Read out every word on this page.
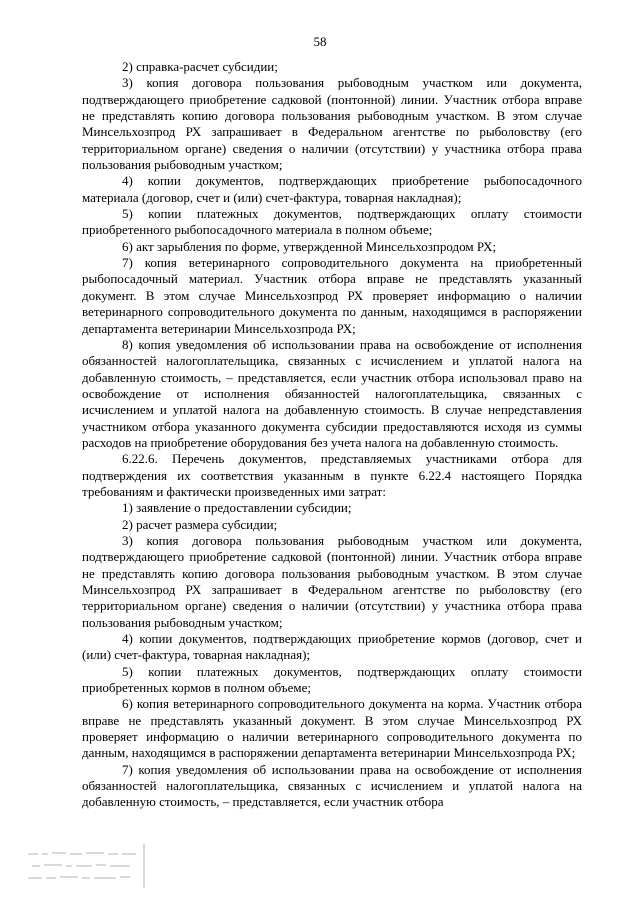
58

2) справка-расчет субсидии;

3) копия договора пользования рыбоводным участком или документа, подтверждающего приобретение садковой (понтонной) линии. Участник отбора вправе не представлять копию договора пользования рыбоводным участком. В этом случае Минсельхозпрод РХ запрашивает в Федеральном агентстве по рыболовству (его территориальном органе) сведения о наличии (отсутствии) у участника отбора права пользования рыбоводным участком;

4) копии документов, подтверждающих приобретение рыбопосадочного материала (договор, счет и (или) счет-фактура, товарная накладная);

5) копии платежных документов, подтверждающих оплату стоимости приобретенного рыбопосадочного материала в полном объеме;

6) акт зарыбления по форме, утвержденной Минсельхозпродом РХ;

7) копия ветеринарного сопроводительного документа на приобретенный рыбопосадочный материал. Участник отбора вправе не представлять указанный документ. В этом случае Минсельхозпрод РХ проверяет информацию о наличии ветеринарного сопроводительного документа по данным, находящимся в распоряжении департамента ветеринарии Минсельхозпрода РХ;

8) копия уведомления об использовании права на освобождение от исполнения обязанностей налогоплательщика, связанных с исчислением и уплатой налога на добавленную стоимость, – представляется, если участник отбора использовал право на освобождение от исполнения обязанностей налогоплательщика, связанных с исчислением и уплатой налога на добавленную стоимость. В случае непредставления участником отбора указанного документа субсидии предоставляются исходя из суммы расходов на приобретение оборудования без учета налога на добавленную стоимость.

6.22.6. Перечень документов, представляемых участниками отбора для подтверждения их соответствия указанным в пункте 6.22.4 настоящего Порядка требованиям и фактически произведенных ими затрат:

1) заявление о предоставлении субсидии;

2) расчет размера субсидии;

3) копия договора пользования рыбоводным участком или документа, подтверждающего приобретение садковой (понтонной) линии. Участник отбора вправе не представлять копию договора пользования рыбоводным участком. В этом случае Минсельхозпрод РХ запрашивает в Федеральном агентстве по рыболовству (его территориальном органе) сведения о наличии (отсутствии) у участника отбора права пользования рыбоводным участком;

4) копии документов, подтверждающих приобретение кормов (договор, счет и (или) счет-фактура, товарная накладная);

5) копии платежных документов, подтверждающих оплату стоимости приобретенных кормов в полном объеме;

6) копия ветеринарного сопроводительного документа на корма. Участник отбора вправе не представлять указанный документ. В этом случае Минсельхозпрод РХ проверяет информацию о наличии ветеринарного сопроводительного документа по данным, находящимся в распоряжении департамента ветеринарии Минсельхозпрода РХ;

7) копия уведомления об использовании права на освобождение от исполнения обязанностей налогоплательщика, связанных с исчислением и уплатой налога на добавленную стоимость, – представляется, если участник отбора
